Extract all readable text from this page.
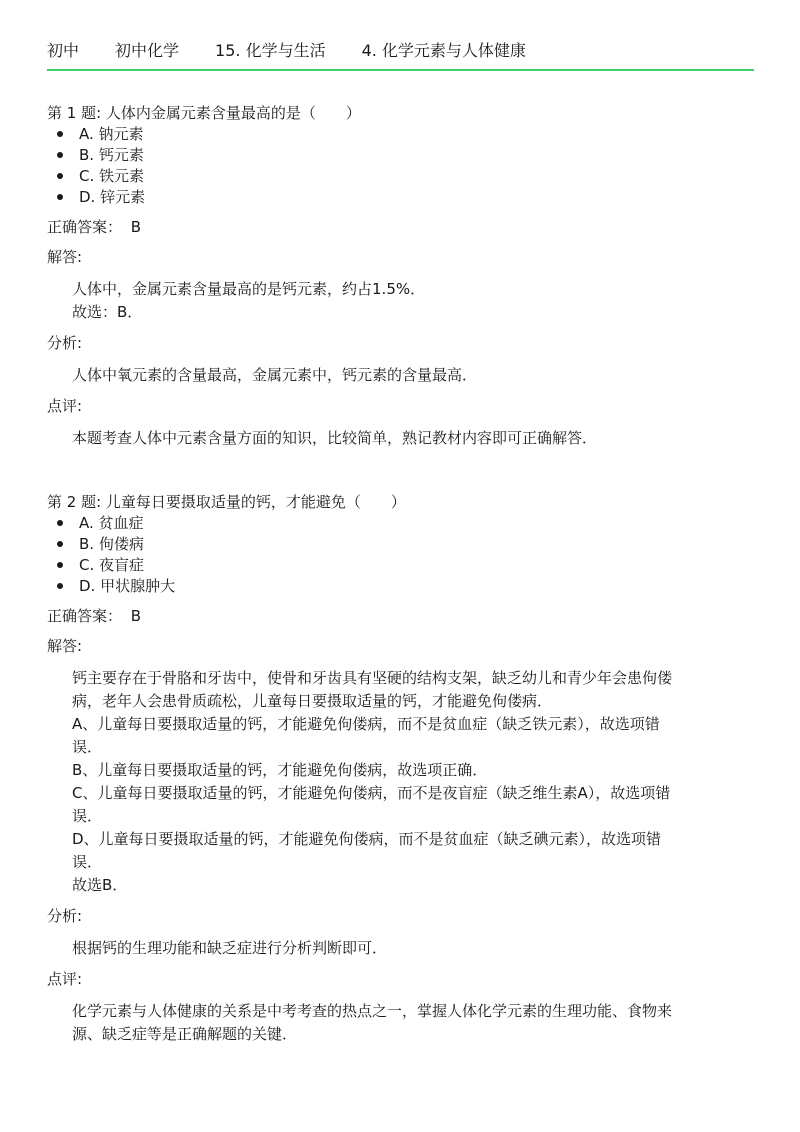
初中 初中化学 15. 化学与生活 4. 化学元素与人体健康

第 1 题: 人体内金属元素含量最高的是（　　）

A. 钠元素
B. 钙元素
C. 铁元素
D. 锌元素
正确答案： B
解答:
人体中，金属元素含量最高的是钙元素，约占1.5%．
故选：B．
分析:
人体中氧元素的含量最高，金属元素中，钙元素的含量最高．
点评:
本题考查人体中元素含量方面的知识，比较简单，熟记教材内容即可正确解答．

第 2 题: 儿童每日要摄取适量的钙，才能避免（　　）

A. 贫血症
B. 佝偻病
C. 夜盲症
D. 甲状腺肿大
正确答案： B
解答:
钙主要存在于骨胳和牙齿中，使骨和牙齿具有坚硬的结构支架，缺乏幼儿和青少年会患佝偻
病，老年人会患骨质疏松，儿童每日要摄取适量的钙，才能避免佝偻病．
A、儿童每日要摄取适量的钙，才能避免佝偻病，而不是贫血症（缺乏铁元素），故选项错
误．
B、儿童每日要摄取适量的钙，才能避免佝偻病，故选项正确．
C、儿童每日要摄取适量的钙，才能避免佝偻病，而不是夜盲症（缺乏维生素A），故选项错
误．
D、儿童每日要摄取适量的钙，才能避免佝偻病，而不是贫血症（缺乏碘元素），故选项错
误．
故选B．
分析:
根据钙的生理功能和缺乏症进行分析判断即可．
点评:
化学元素与人体健康的关系是中考考查的热点之一，掌握人体化学元素的生理功能、食物来
源、缺乏症等是正确解题的关键．
